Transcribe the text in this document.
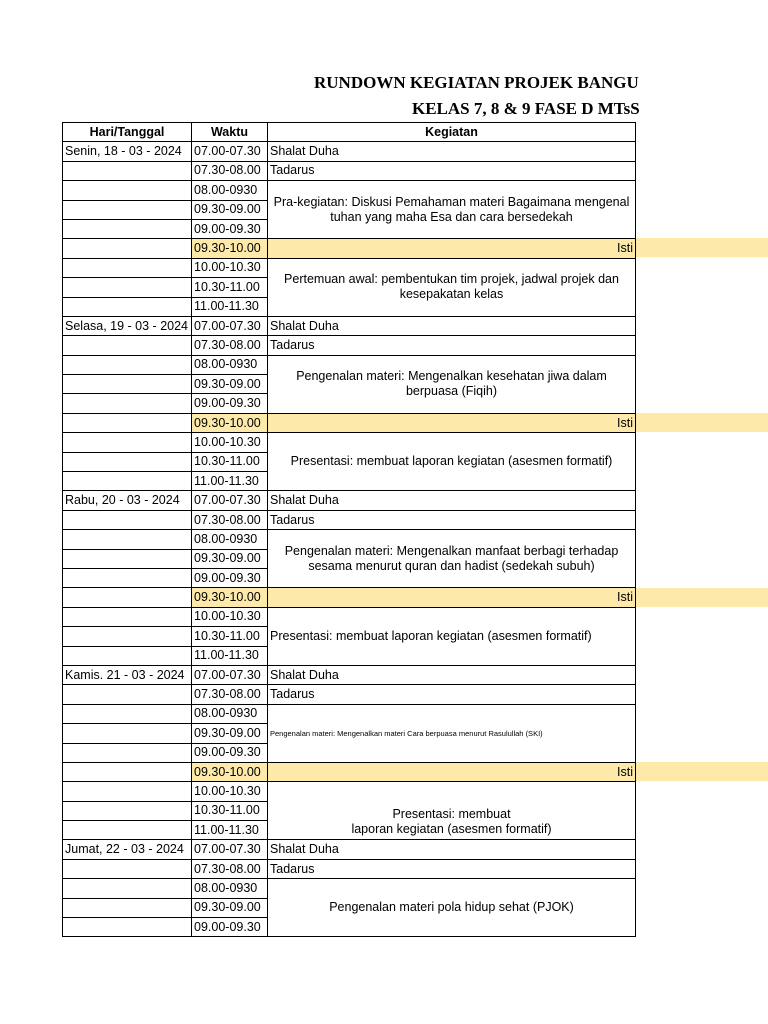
RUNDOWN KEGIATAN PROJEK BANGU
KELAS 7, 8 & 9 FASE D MTsS
Hari/Tanggal	Waktu	Kegiatan
Senin, 18 - 03 - 2024	07.00-07.30	Shalat Duha
	07.30-08.00	Tadarus
	08.00-0930	Pra-kegiatan: Diskusi Pemahaman materi Bagaimana mengenal tuhan yang maha Esa dan cara bersedekah
	09.30-09.00	
	09.00-09.30	
	09.30-10.00	Isti
	10.00-10.30	Pertemuan awal: pembentukan tim projek, jadwal projek dan kesepakatan kelas
	10.30-11.00	
	11.00-11.30	
Selasa, 19 - 03 - 2024	07.00-07.30	Shalat Duha
	07.30-08.00	Tadarus
	08.00-0930	Pengenalan materi: Mengenalkan kesehatan jiwa dalam berpuasa (Fiqih)
	09.30-09.00	
	09.00-09.30	
	09.30-10.00	Isti
	10.00-10.30	Presentasi: membuat laporan kegiatan (asesmen formatif)
	10.30-11.00	
	11.00-11.30	
Rabu, 20 - 03 - 2024	07.00-07.30	Shalat Duha
	07.30-08.00	Tadarus
	08.00-0930	Pengenalan materi: Mengenalkan manfaat berbagi terhadap sesama menurut quran dan hadist (sedekah subuh)
	09.30-09.00	
	09.00-09.30	
	09.30-10.00	Isti
	10.00-10.30	Presentasi: membuat laporan kegiatan (asesmen formatif)
	10.30-11.00	
	11.00-11.30	
Kamis. 21 - 03 - 2024	07.00-07.30	Shalat Duha
	07.30-08.00	Tadarus
	08.00-0930	Pengenalan materi: Mengenalkan materi Cara berpuasa menurut Rasulullah (SKI)
	09.30-09.00	
	09.00-09.30	
	09.30-10.00	Isti
	10.00-10.30	Presentasi: membuat
laporan kegiatan (asesmen formatif)

	10.30-11.00	
	11.00-11.30	
Jumat, 22 - 03 - 2024	07.00-07.30	Shalat Duha
	07.30-08.00	Tadarus
	08.00-0930	Pengenalan materi pola hidup sehat (PJOK)
	09.30-09.00	
	09.00-09.30	
